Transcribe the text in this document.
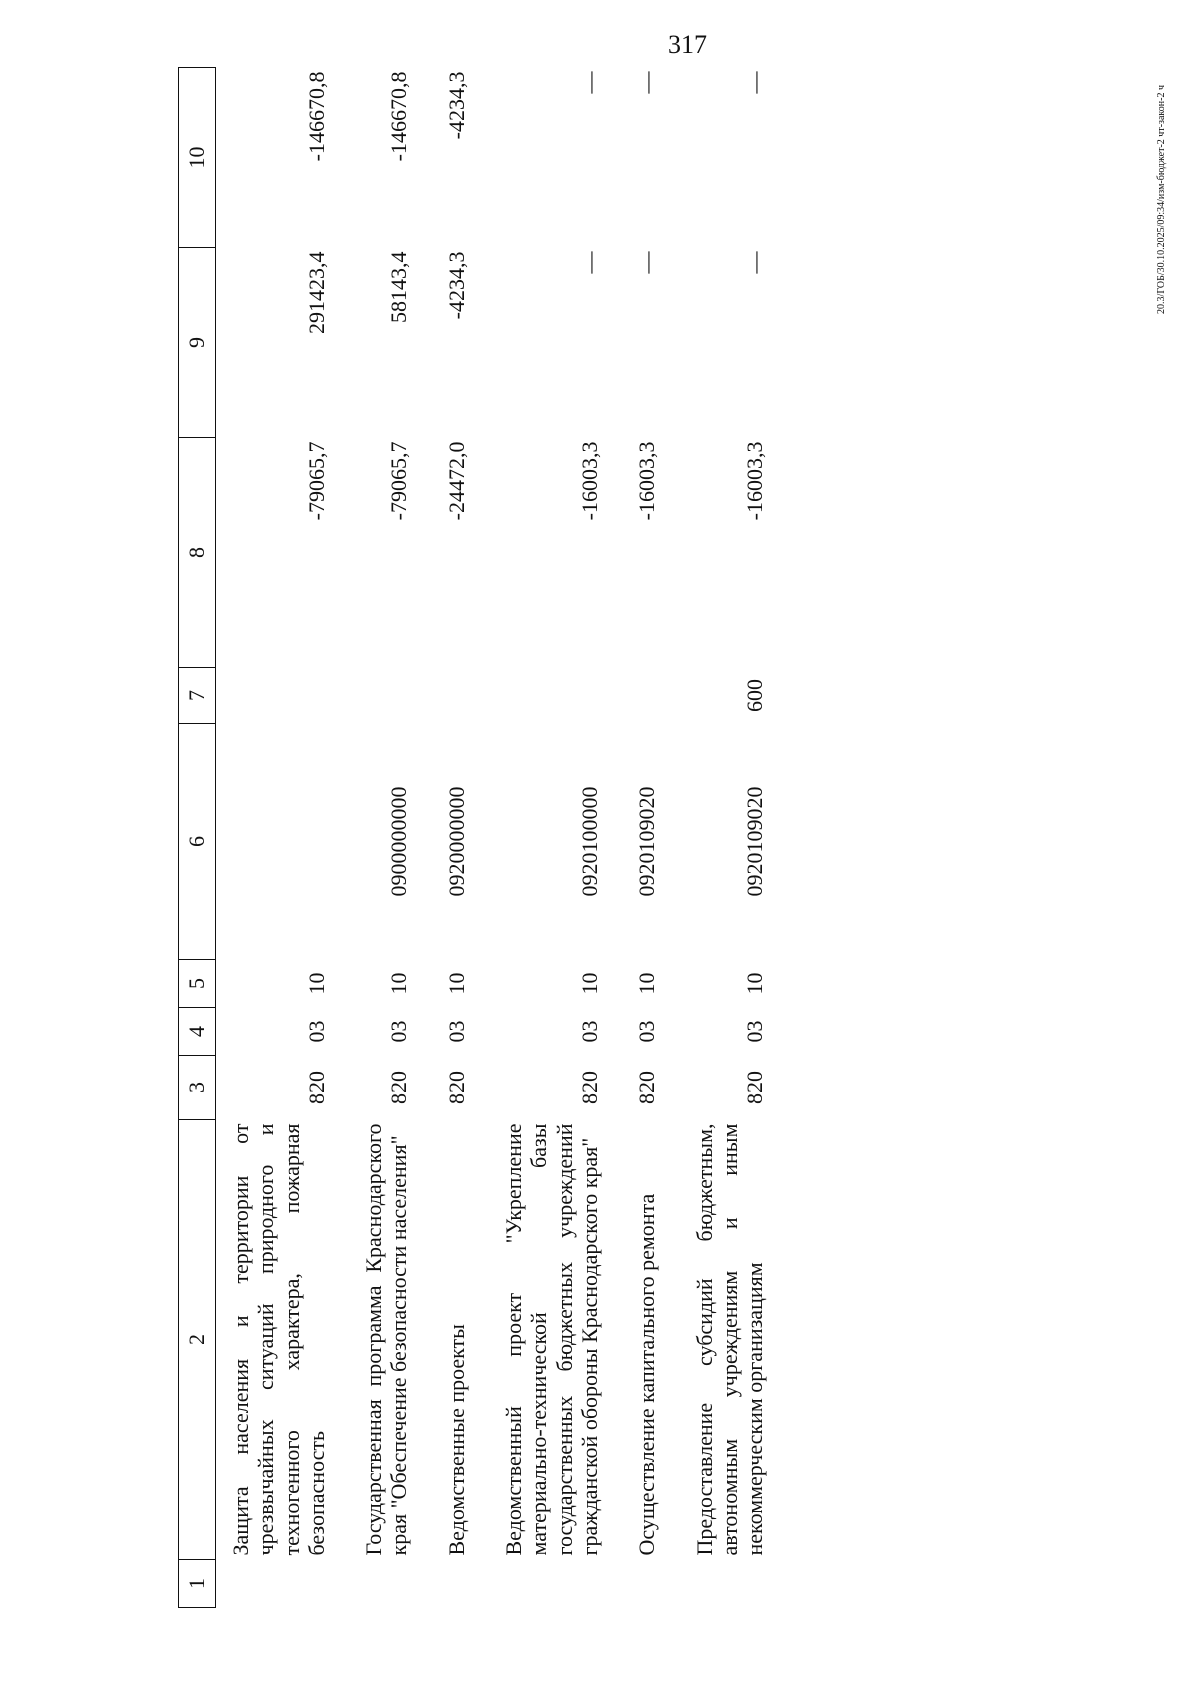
317
20.3/ГОБ/30.10.2025/09:34/изм-бюджет-2 чт-закон-2 ч
1	2	3	4	5	6	7	8	9	10
	Защита населения и территории от чрезвычайных ситуаций природного и техногенного характера, пожарная безопасность	820	03	10			-79065,7	291423,4	-146670,8
	Государственная программа Краснодарского края "Обеспечение безопасности населения"	820	03	10	0900000000		-79065,7	58143,4	-146670,8
	Ведомственные проекты	820	03	10	0920000000		-24472,0	-4234,3	-4234,3
	Ведомственный проект "Укрепление материально-технической базы государственных бюджетных учреждений гражданской обороны Краснодарского края"	820	03	10	0920100000		-16003,3	—	—
	Осуществление капитального ремонта	820	03	10	0920109020		-16003,3	—	—
	Предоставление субсидий бюджетным, автономным учреждениям и иным некоммерческим организациям	820	03	10	0920109020	600	-16003,3	—	—
